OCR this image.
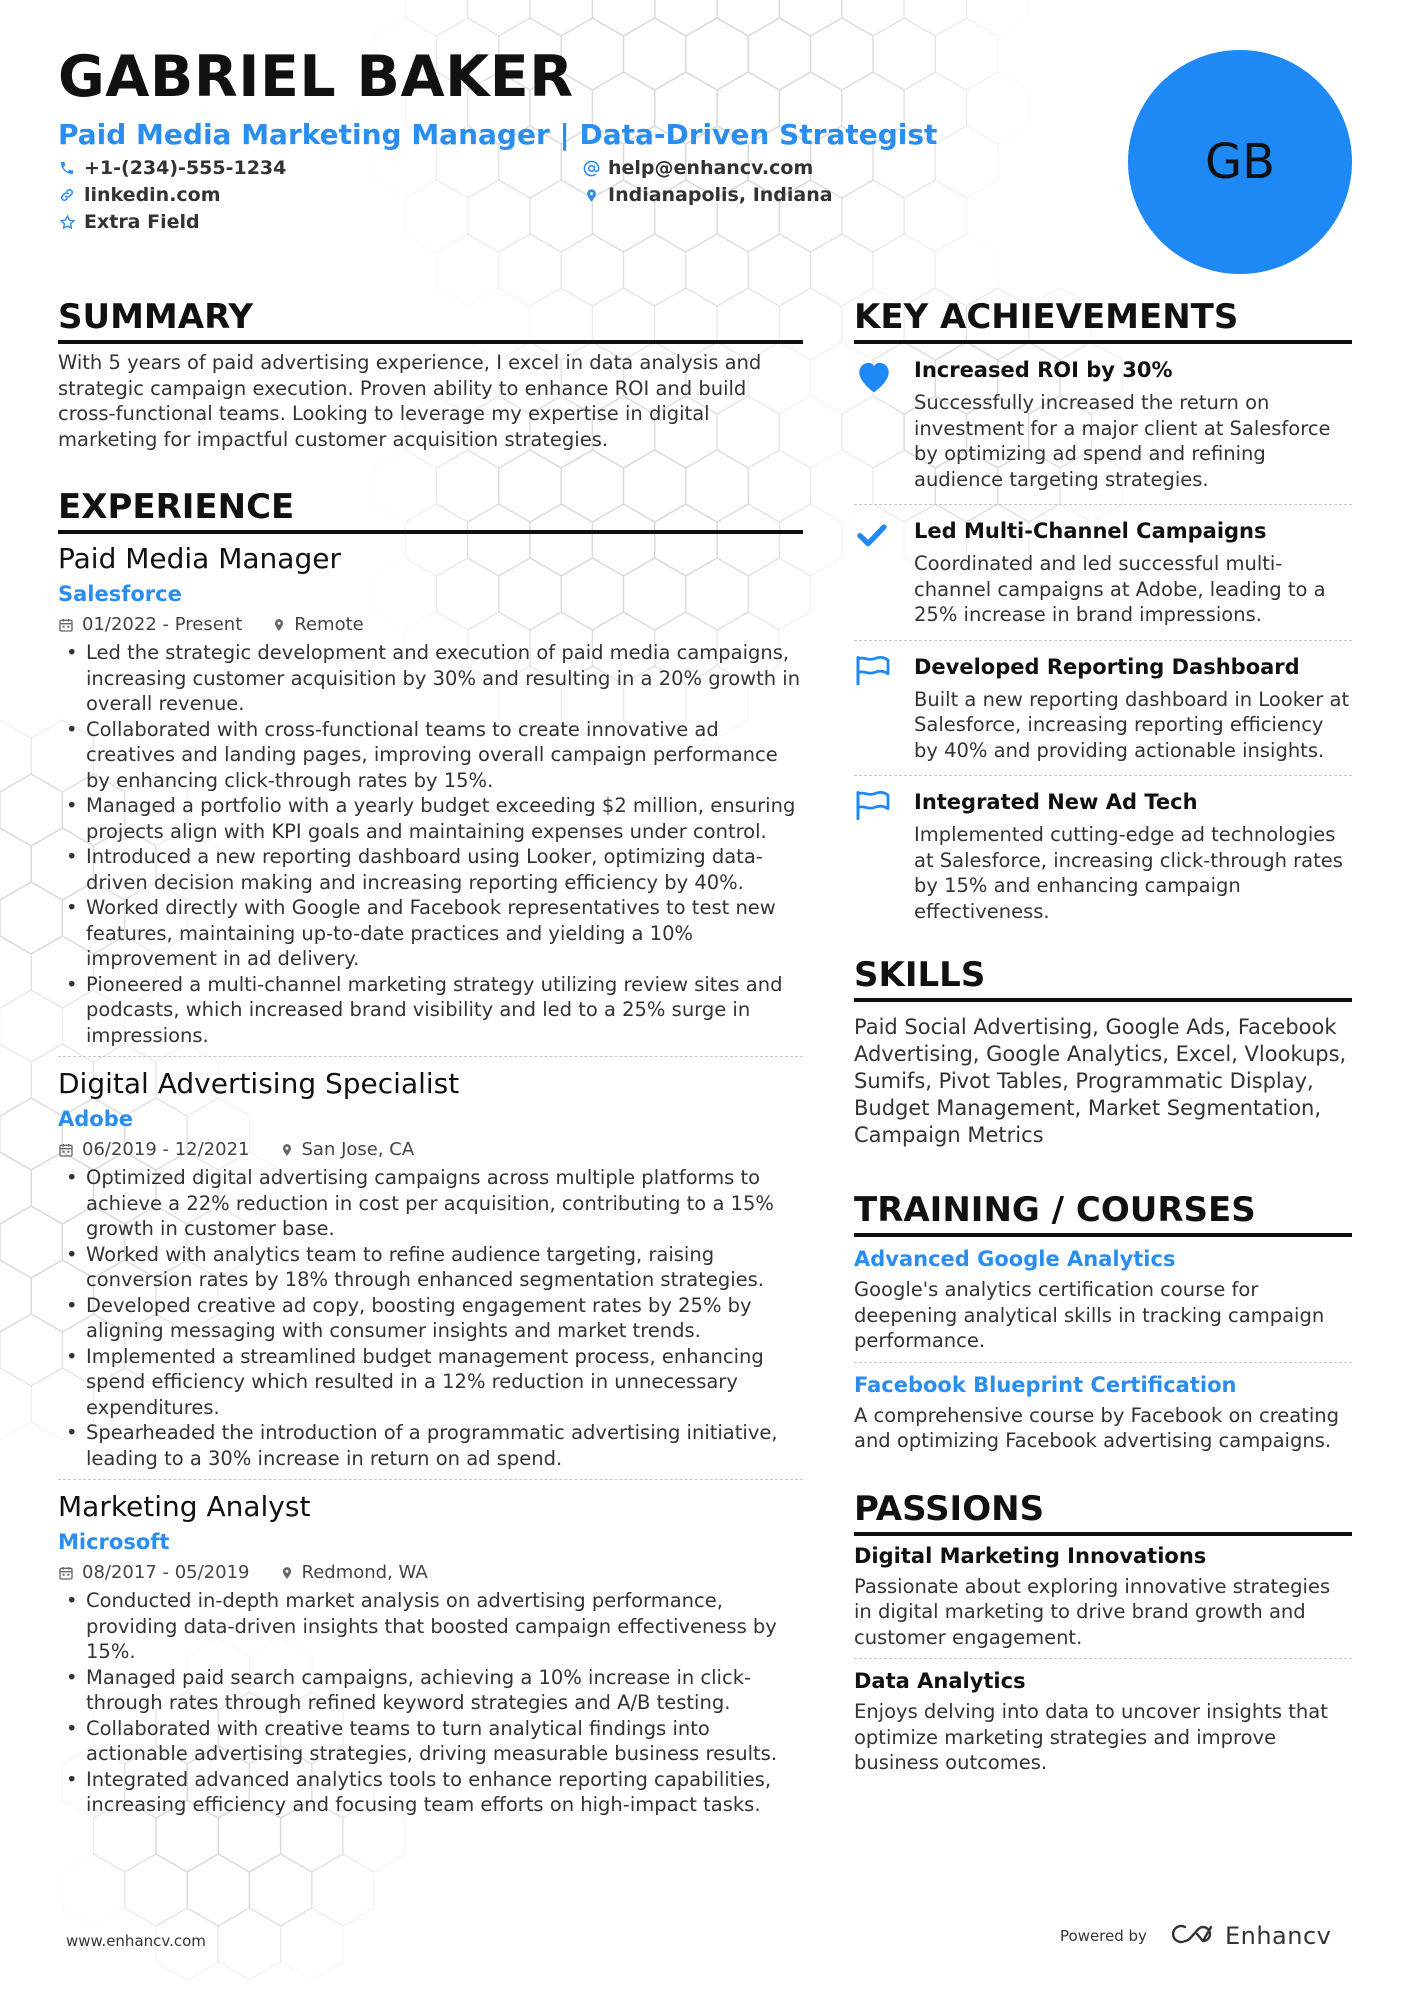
GABRIEL BAKER
Paid Media Marketing Manager | Data-Driven Strategist
+1-(234)-555-1234
linkedin.com
Extra Field
help@enhancv.com
Indianapolis, Indiana
GB
SUMMARY
With 5 years of paid advertising experience, I excel in data analysis and strategic campaign execution. Proven ability to enhance ROI and build cross-functional teams. Looking to leverage my expertise in digital marketing for impactful customer acquisition strategies.
EXPERIENCE
Paid Media Manager
Salesforce
01/2022 - Present	Remote
• Led the strategic development and execution of paid media campaigns, increasing customer acquisition by 30% and resulting in a 20% growth in overall revenue.
• Collaborated with cross-functional teams to create innovative ad creatives and landing pages, improving overall campaign performance by enhancing click-through rates by 15%.
• Managed a portfolio with a yearly budget exceeding $2 million, ensuring projects align with KPI goals and maintaining expenses under control.
• Introduced a new reporting dashboard using Looker, optimizing data-driven decision making and increasing reporting efficiency by 40%.
• Worked directly with Google and Facebook representatives to test new features, maintaining up-to-date practices and yielding a 10% improvement in ad delivery.
• Pioneered a multi-channel marketing strategy utilizing review sites and podcasts, which increased brand visibility and led to a 25% surge in impressions.
Digital Advertising Specialist
Adobe
06/2019 - 12/2021	San Jose, CA
• Optimized digital advertising campaigns across multiple platforms to achieve a 22% reduction in cost per acquisition, contributing to a 15% growth in customer base.
• Worked with analytics team to refine audience targeting, raising conversion rates by 18% through enhanced segmentation strategies.
• Developed creative ad copy, boosting engagement rates by 25% by aligning messaging with consumer insights and market trends.
• Implemented a streamlined budget management process, enhancing spend efficiency which resulted in a 12% reduction in unnecessary expenditures.
• Spearheaded the introduction of a programmatic advertising initiative, leading to a 30% increase in return on ad spend.
Marketing Analyst
Microsoft
08/2017 - 05/2019	Redmond, WA
• Conducted in-depth market analysis on advertising performance, providing data-driven insights that boosted campaign effectiveness by 15%.
• Managed paid search campaigns, achieving a 10% increase in click-through rates through refined keyword strategies and A/B testing.
• Collaborated with creative teams to turn analytical findings into actionable advertising strategies, driving measurable business results.
• Integrated advanced analytics tools to enhance reporting capabilities, increasing efficiency and focusing team efforts on high-impact tasks.
KEY ACHIEVEMENTS
Increased ROI by 30%
Successfully increased the return on investment for a major client at Salesforce by optimizing ad spend and refining audience targeting strategies.
Led Multi-Channel Campaigns
Coordinated and led successful multi-channel campaigns at Adobe, leading to a 25% increase in brand impressions.
Developed Reporting Dashboard
Built a new reporting dashboard in Looker at Salesforce, increasing reporting efficiency by 40% and providing actionable insights.
Integrated New Ad Tech
Implemented cutting-edge ad technologies at Salesforce, increasing click-through rates by 15% and enhancing campaign effectiveness.
SKILLS
Paid Social Advertising, Google Ads, Facebook Advertising, Google Analytics, Excel, Vlookups, Sumifs, Pivot Tables, Programmatic Display, Budget Management, Market Segmentation, Campaign Metrics
TRAINING / COURSES
Advanced Google Analytics
Google's analytics certification course for deepening analytical skills in tracking campaign performance.
Facebook Blueprint Certification
A comprehensive course by Facebook on creating and optimizing Facebook advertising campaigns.
PASSIONS
Digital Marketing Innovations
Passionate about exploring innovative strategies in digital marketing to drive brand growth and customer engagement.
Data Analytics
Enjoys delving into data to uncover insights that optimize marketing strategies and improve business outcomes.
www.enhancv.com	Powered by	Enhancv
